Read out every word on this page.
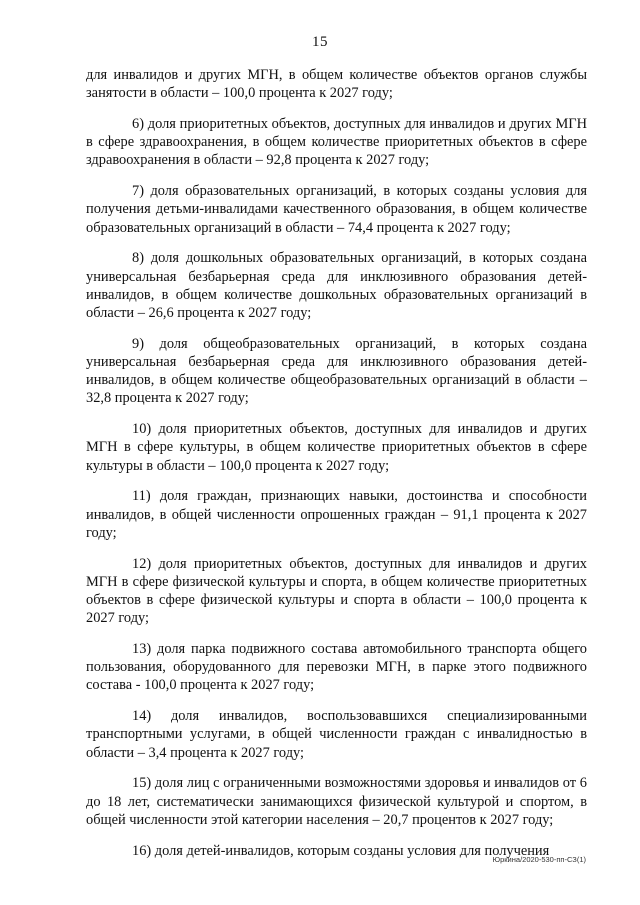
15

для инвалидов и других МГН, в общем количестве объектов органов службы занятости в области – 100,0 процента к 2027 году;

6) доля приоритетных объектов, доступных для инвалидов и других МГН в сфере здравоохранения, в общем количестве приоритетных объектов в сфере здравоохранения в области – 92,8 процента к 2027 году;

7) доля образовательных организаций, в которых созданы условия для получения детьми-инвалидами качественного образования, в общем количестве образовательных организаций в области – 74,4 процента к 2027 году;

8) доля дошкольных образовательных организаций, в которых создана универсальная безбарьерная среда для инклюзивного образования детей-инвалидов, в общем количестве дошкольных образовательных организаций в области – 26,6 процента к 2027 году;

9) доля общеобразовательных организаций, в которых создана универсальная безбарьерная среда для инклюзивного образования детей-инвалидов, в общем количестве общеобразовательных организаций в области – 32,8 процента к 2027 году;

10) доля приоритетных объектов, доступных для инвалидов и других МГН в сфере культуры, в общем количестве приоритетных объектов в сфере культуры в области – 100,0 процента к 2027 году;

11) доля граждан, признающих навыки, достоинства и способности инвалидов, в общей численности опрошенных граждан – 91,1 процента к 2027 году;

12) доля приоритетных объектов, доступных для инвалидов и других МГН в сфере физической культуры и спорта, в общем количестве приоритетных объектов в сфере физической культуры и спорта в области – 100,0 процента к 2027 году;

13) доля парка подвижного состава автомобильного транспорта общего пользования, оборудованного для перевозки МГН, в парке этого подвижного состава - 100,0 процента к 2027 году;

14) доля инвалидов, воспользовавшихся специализированными транспортными услугами, в общей численности граждан с инвалидностью в области – 3,4 процента к 2027 году;

15) доля лиц с ограниченными возможностями здоровья и инвалидов от 6 до 18 лет, систематически занимающихся физической культурой и спортом, в общей численности этой категории населения – 20,7 процентов к 2027 году;

16) доля детей-инвалидов, которым созданы условия для получения

Юркина/2020-530-пп-СЗ(1)
